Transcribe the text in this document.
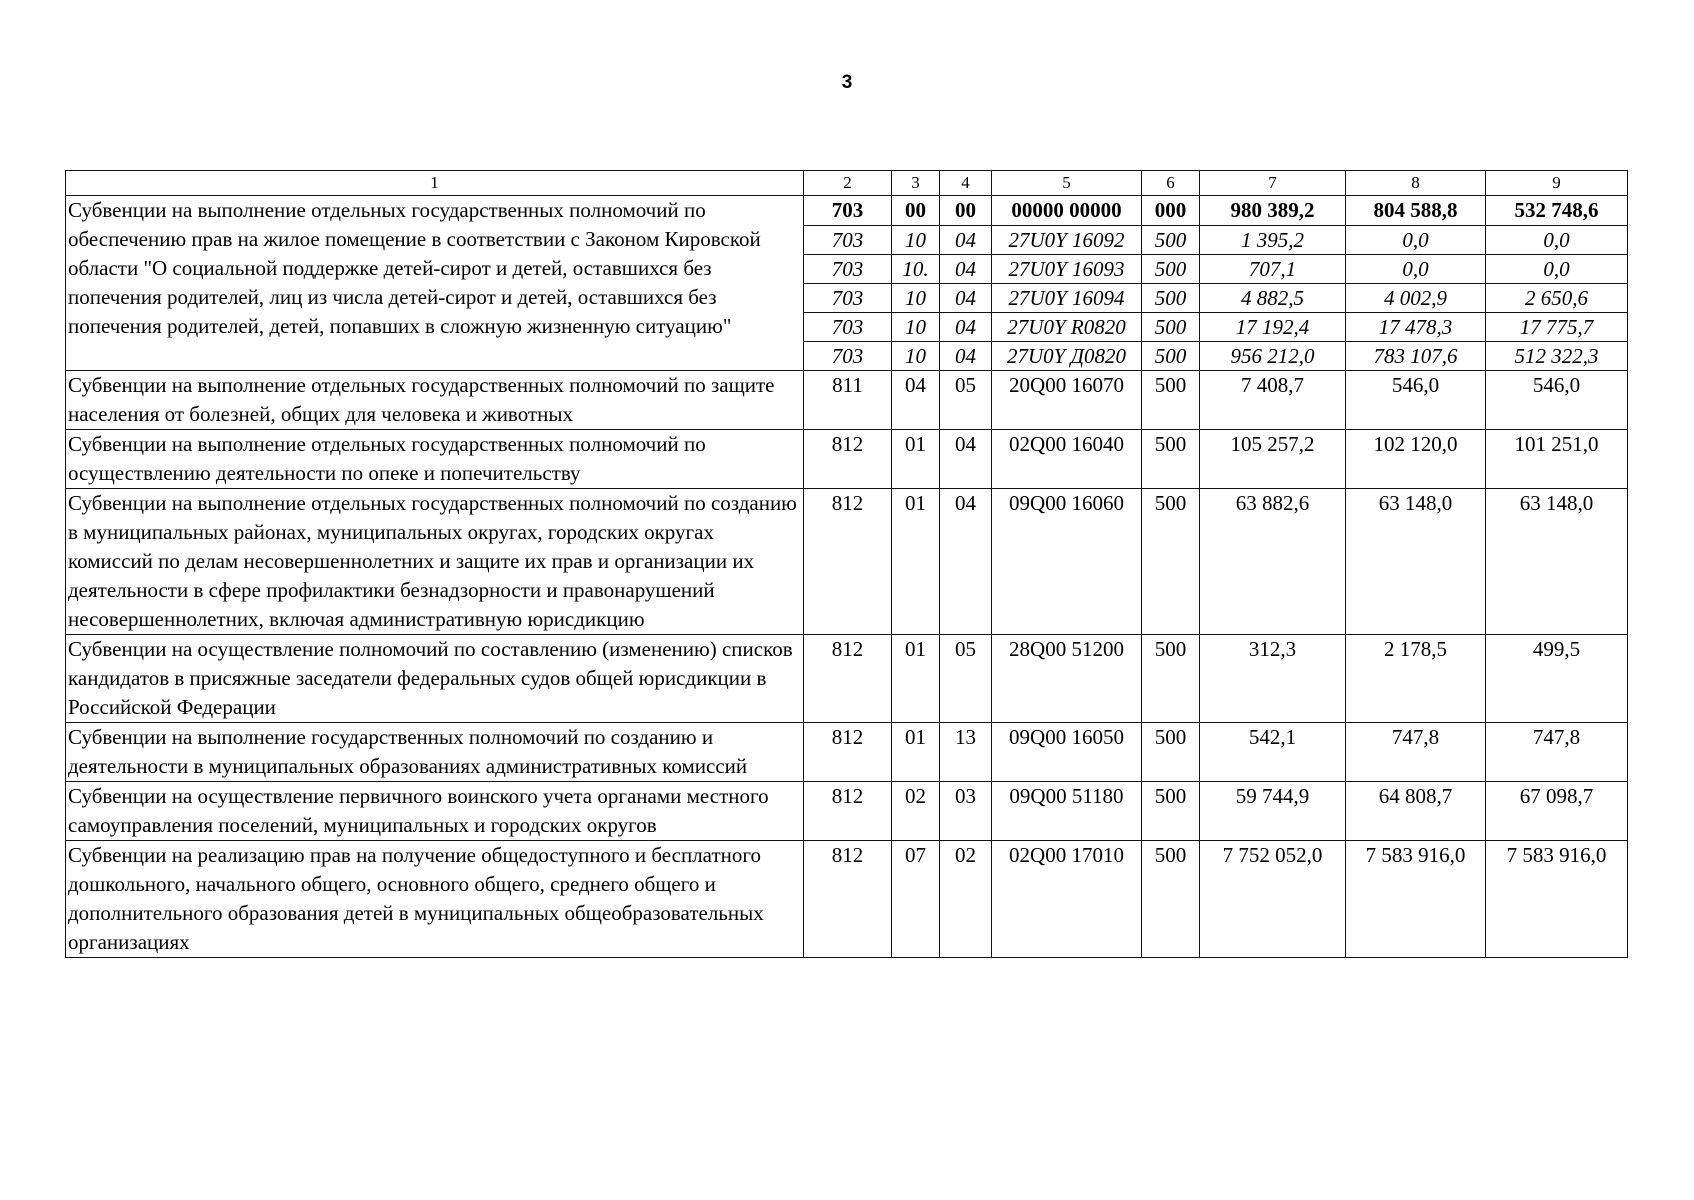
3
1	2	3	4	5	6	7	8	9
Субвенции на выполнение отдельных государственных полномочий по обеспечению прав на жилое помещение в соответствии с Законом Кировской области "О социальной поддержке детей-сирот и детей, оставшихся без попечения родителей, лиц из числа детей-сирот и детей, оставшихся без попечения родителей, детей, попавших в сложную жизненную ситуацию"	703	00	00	00000 00000	000	980 389,2	804 588,8	532 748,6
	703	10	04	27U0Y 16092	500	1 395,2	0,0	0,0
	703	10.	04	27U0Y 16093	500	707,1	0,0	0,0
	703	10	04	27U0Y 16094	500	4 882,5	4 002,9	2 650,6
	703	10	04	27U0Y R0820	500	17 192,4	17 478,3	17 775,7
	703	10	04	27U0Y Д0820	500	956 212,0	783 107,6	512 322,3
Субвенции на выполнение отдельных государственных полномочий по защите населения от болезней, общих для человека и животных	811	04	05	20Q00 16070	500	7 408,7	546,0	546,0
Субвенции на выполнение отдельных государственных полномочий по осуществлению деятельности по опеке и попечительству	812	01	04	02Q00 16040	500	105 257,2	102 120,0	101 251,0
Субвенции на выполнение отдельных государственных полномочий по созданию в муниципальных районах, муниципальных округах, городских округах комиссий по делам несовершеннолетних и защите их прав и организации их деятельности в сфере профилактики безнадзорности и правонарушений несовершеннолетних, включая административную юрисдикцию	812	01	04	09Q00 16060	500	63 882,6	63 148,0	63 148,0
Субвенции на осуществление полномочий по составлению (изменению) списков кандидатов в присяжные заседатели федеральных судов общей юрисдикции в Российской Федерации	812	01	05	28Q00 51200	500	312,3	2 178,5	499,5
Субвенции на выполнение государственных полномочий по созданию и деятельности в муниципальных образованиях административных комиссий	812	01	13	09Q00 16050	500	542,1	747,8	747,8
Субвенции на осуществление первичного воинского учета органами местного самоуправления поселений, муниципальных и городских округов	812	02	03	09Q00 51180	500	59 744,9	64 808,7	67 098,7
Субвенции на реализацию прав на получение общедоступного и бесплатного дошкольного, начального общего, основного общего, среднего общего и дополнительного образования детей в муниципальных общеобразовательных организациях	812	07	02	02Q00 17010	500	7 752 052,0	7 583 916,0	7 583 916,0
